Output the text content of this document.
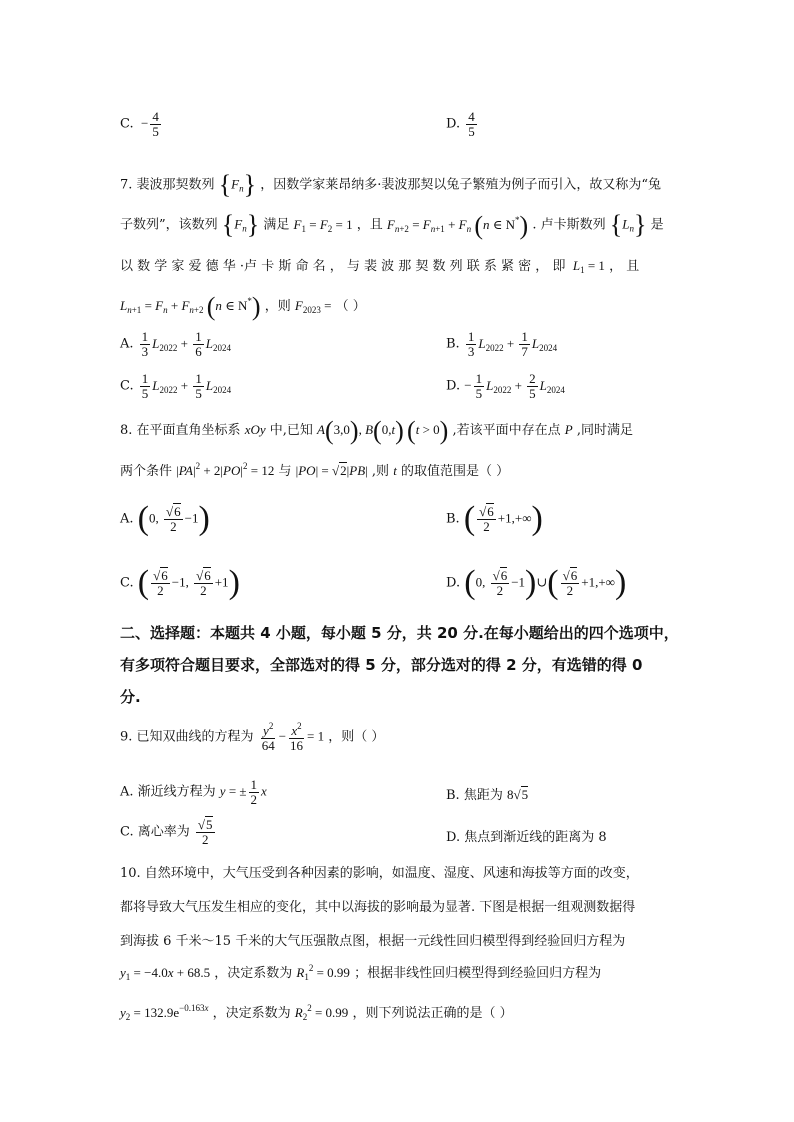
C.  − $\frac{4}{5}$	D. $\frac{4}{5}$
7. 裴波那契数列 $\{F_n\}$ ，因数学家莱昂纳多·裴波那契以兔子繁殖为例子而引入，故又称为“兔
子数列”，该数列 $\{F_n\}$ 满足 $F_1 = F_2 = 1$ ，且 $F_{n+2} = F_{n+1} + F_n$ (n ∈ N*) . 卢卡斯数列 $\{L_n\}$ 是
以 数 学 家 爱 德 华 ·卢 卡 斯 命 名 ， 与 裴 波 那 契 数 列 联 系 紧 密 ， 即 $L_1 = 1$ ， 且
$L_{n+1} = F_n + F_{n+2}$ (n ∈ N*) ，则 $F_{2023}$ = （ ）
A. $\frac{1}{3} L_{2022} + \frac{1}{6} L_{2024}$	B. $\frac{1}{3} L_{2022} + \frac{1}{7} L_{2024}$
C. $\frac{1}{5} L_{2022} + \frac{1}{5} L_{2024}$	D. − $\frac{1}{5} L_{2022} + \frac{2}{5} L_{2024}$
8. 在平面直角坐标系 xOy 中,已知 A(3,0), B(0,t) (t > 0) ,若该平面中存在点 P ,同时满足
两个条件 $|PA|^2 + 2|PO|^2 = 12$ 与 |PO| = √2|PB| ,则 t 的取值范围是（ ）
A. (0, $\frac{√6}{2} -1$)	B. ( $\frac{√6}{2} +1,+\infty$)
C. ( $\frac{√6}{2} -1$, $\frac{√6}{2} +1$)	D. (0, $\frac{√6}{2}$ −1)∪( $\frac{√6}{2} +1,+\infty$)
二、选择题：本题共 4 小题，每小题 5 分，共 20 分.在每小题给出的四个选项中，
有多项符合题目要求，全部选对的得 5 分，部分选对的得 2 分，有选错的得 0
分.
9. 已知双曲线的方程为 $\frac{y^2}{64} - \frac{x^2}{16} = 1$ ，则（ ）
A. 渐近线方程为 y = ± $\frac{1}{2}$ x	B. 焦距为 8√5
C. 离心率为 $\frac{√5}{2}$	D. 焦点到渐近线的距离为 8
10. 自然环境中，大气压受到各种因素的影响，如温度、湿度、风速和海拔等方面的改变，
都将导致大气压发生相应的变化，其中以海拔的影响最为显著. 下图是根据一组观测数据得
到海拔 6 千米～15 千米的大气压强散点图，根据一元线性回归模型得到经验回归方程为
$y_1 = -4.0x + 68.5$ ，决定系数为 $R_1^2 = 0.99$ ；根据非线性回归模型得到经验回归方程为
$y_2 = 132.9e^{-0.163x}$ ，决定系数为 $R_2^2 = 0.99$ ，则下列说法正确的是（ ）
